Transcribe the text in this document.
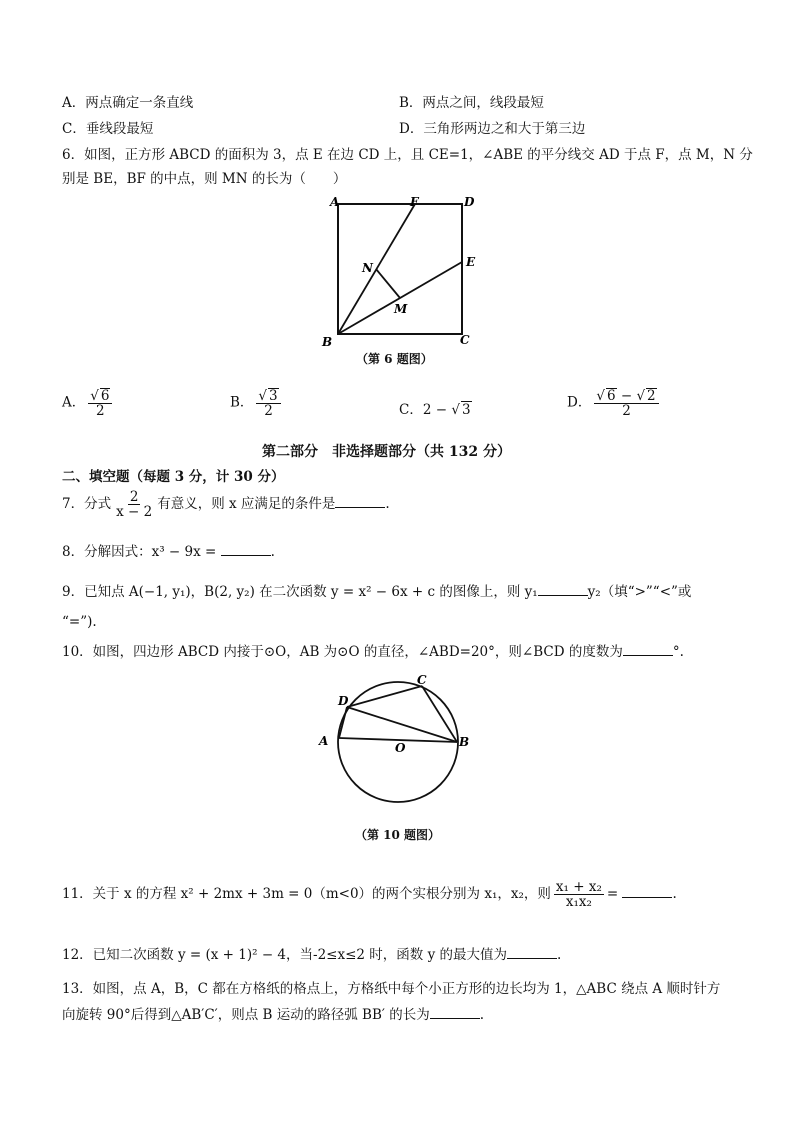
A．两点确定一条直线	B．两点之间，线段最短
C．垂线段最短	D．三角形两边之和大于第三边
6．如图，正方形 ABCD 的面积为 3，点 E 在边 CD 上，且 CE=1，∠ABE 的平分线交 AD 于点 F，点 M，N 分
别是 BE，BF 的中点，则 MN 的长为（　　）
A	F	D
E
N
M
B	C
（第 6 题图）
A． $\frac{√ 6}{2}$	B． $\frac{√ 3}{2}$	C．2 − √ 3	D． $\frac{√ 6 - √ 2}{2}$
第二部分　非选择题部分（共 132 分）
二、填空题（每题 3 分，计 30 分）
7．分式 $\frac{2}{x - 2}$ 有意义，则 x 应满足的条件是	.
8．分解因式：x³ − 9x =	.
9．已知点 A(−1, y₁)，B(2, y₂) 在二次函数 y = x² − 6x + c 的图像上，则 y₁	y₂（填“>”“<”或
“=”).
10．如图，四边形 ABCD 内接于⊙O，AB 为⊙O 的直径，∠ABD=20°，则∠BCD 的度数为	°.
A
D
C
B
O
（第 10 题图）
11．关于 x 的方程 x² + 2mx + 3m = 0（m<0）的两个实根分别为 x₁，x₂，则 $\frac{\text{x₁ + x₂}}{\text{x₁x₂}}$ =	.
12．已知二次函数 y = (x + 1)² − 4，当-2≤x≤2 时，函数 y 的最大值为	.
13．如图，点 A，B，C 都在方格纸的格点上，方格纸中每个小正方形的边长均为 1，△ABC 绕点 A 顺时针方
向旋转 90°后得到△AB′C′，则点 B 运动的路径弧 BB′ 的长为	.
